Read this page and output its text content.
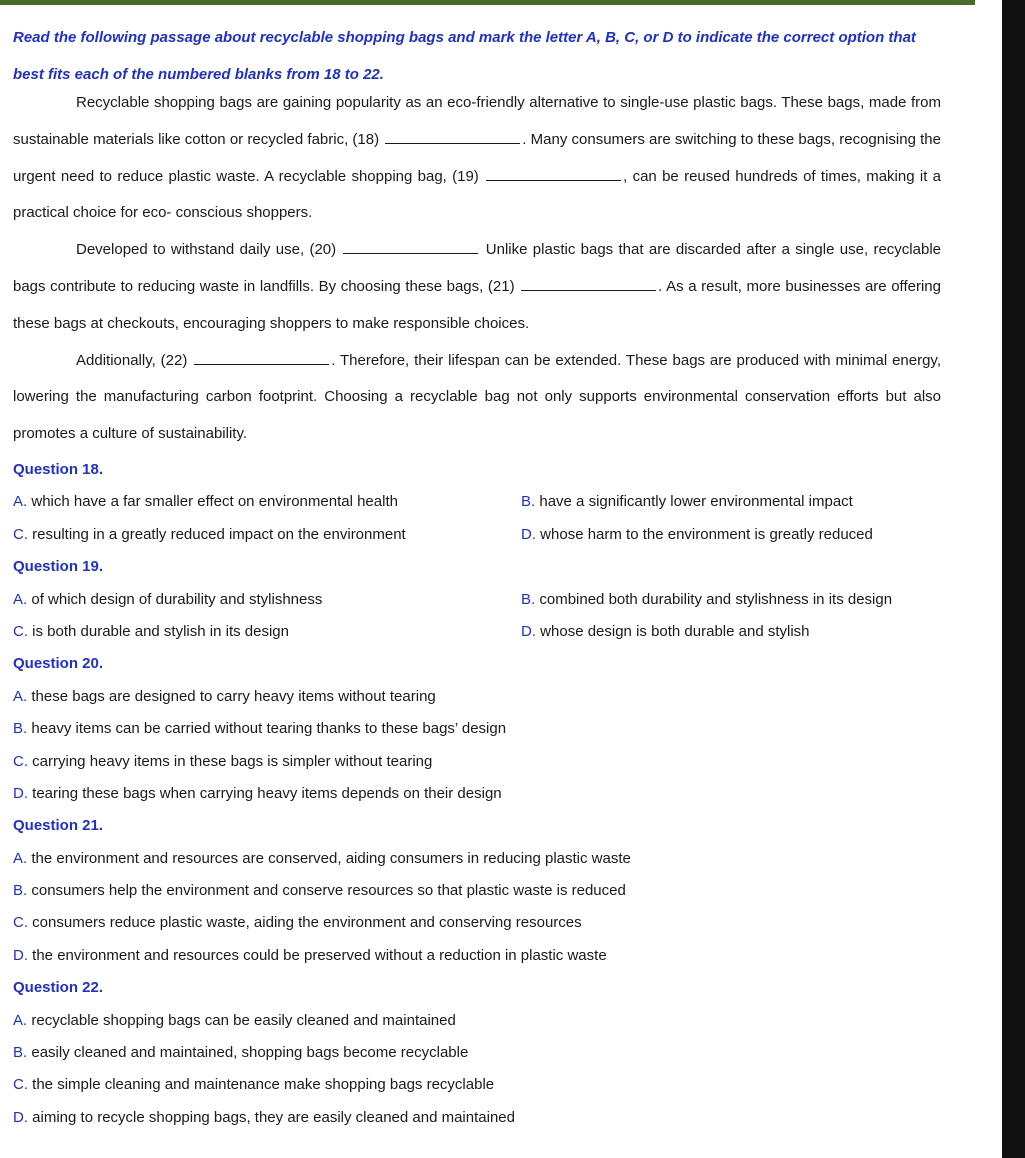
Read the following passage about recyclable shopping bags and mark the letter A, B, C, or D to indicate the correct option that best fits each of the numbered blanks from 18 to 22.

Recyclable shopping bags are gaining popularity as an eco-friendly alternative to single-use plastic bags. These bags, made from sustainable materials like cotton or recycled fabric, (18)	. Many consumers are switching to these bags, recognising the urgent need to reduce plastic waste. A recyclable shopping bag, (19)	, can be reused hundreds of times, making it a practical choice for eco- conscious shoppers.

Developed to withstand daily use, (20)	Unlike plastic bags that are discarded after a single use, recyclable bags contribute to reducing waste in landfills. By choosing these bags, (21)	. As a result, more businesses are offering these bags at checkouts, encouraging shoppers to make responsible choices.

Additionally, (22)	. Therefore, their lifespan can be extended. These bags are produced with minimal energy, lowering the manufacturing carbon footprint. Choosing a recyclable bag not only supports environmental conservation efforts but also promotes a culture of sustainability.

Question 18.
A. which have a far smaller effect on environmental health	B. have a significantly lower environmental impact
C. resulting in a greatly reduced impact on the environment	D. whose harm to the environment is greatly reduced
Question 19.
A. of which design of durability and stylishness	B. combined both durability and stylishness in its design
C. is both durable and stylish in its design	D. whose design is both durable and stylish
Question 20.
A. these bags are designed to carry heavy items without tearing
B. heavy items can be carried without tearing thanks to these bags’ design
C. carrying heavy items in these bags is simpler without tearing
D. tearing these bags when carrying heavy items depends on their design
Question 21.
A. the environment and resources are conserved, aiding consumers in reducing plastic waste
B. consumers help the environment and conserve resources so that plastic waste is reduced
C. consumers reduce plastic waste, aiding the environment and conserving resources
D. the environment and resources could be preserved without a reduction in plastic waste
Question 22.
A. recyclable shopping bags can be easily cleaned and maintained
B. easily cleaned and maintained, shopping bags become recyclable
C. the simple cleaning and maintenance make shopping bags recyclable
D. aiming to recycle shopping bags, they are easily cleaned and maintained
